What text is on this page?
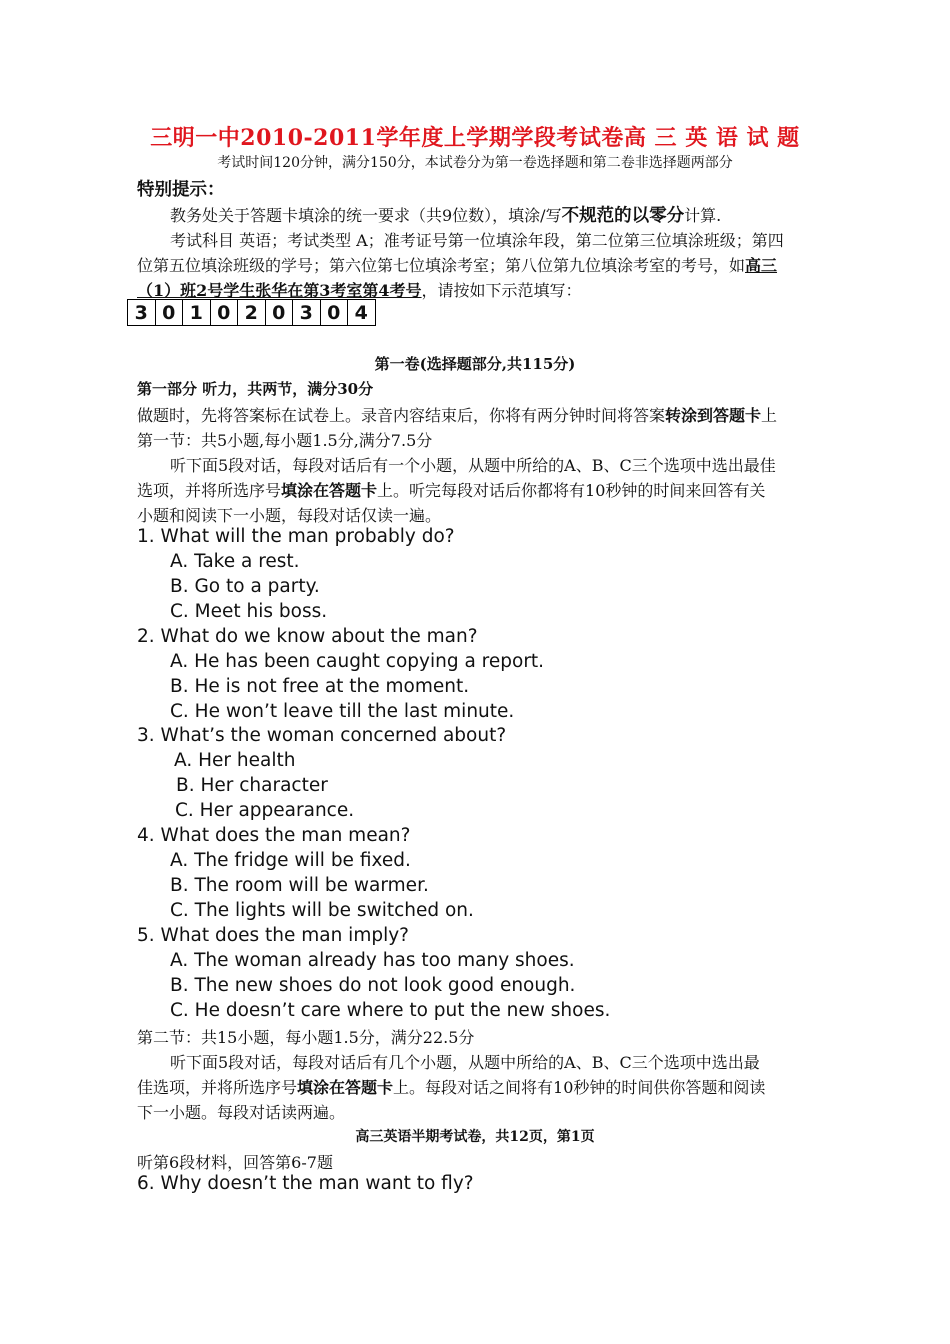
三明一中2010-2011学年度上学期学段考试卷高 三 英 语 试 题
考试时间120分钟，满分150分，本试卷分为第一卷选择题和第二卷非选择题两部分
特别提示：
教务处关于答题卡填涂的统一要求（共9位数），填涂/写不规范的以零分计算.
考试科目 英语；考试类型 A；准考证号第一位填涂年段，第二位第三位填涂班级；第四
位第五位填涂班级的学号；第六位第七位填涂考室；第八位第九位填涂考室的考号，如高三
（1）班2号学生张华在第3考室第4考号，请按如下示范填写：
3 0 1 0 2 0 3 0 4
第一卷(选择题部分,共115分)
第一部分 听力，共两节，满分30分
做题时，先将答案标在试卷上。录音内容结束后，你将有两分钟时间将答案转涂到答题卡上
第一节：共5小题,每小题1.5分,满分7.5分
听下面5段对话，每段对话后有一个小题，从题中所给的A、B、C三个选项中选出最佳
选项，并将所选序号填涂在答题卡上。听完每段对话后你都将有10秒钟的时间来回答有关
小题和阅读下一小题，每段对话仅读一遍。
1. What will the man probably do?
A. Take a rest.
B. Go to a party.
C. Meet his boss.
2. What do we know about the man?
A. He has been caught copying a report.
B. He is not free at the moment.
C. He won’t leave till the last minute.
3. What’s the woman concerned about?
A. Her health
B. Her character
C. Her appearance.
4. What does the man mean?
A. The fridge will be fixed.
B. The room will be warmer.
C. The lights will be switched on.
5. What does the man imply?
A. The woman already has too many shoes.
B. The new shoes do not look good enough.
C. He doesn’t care where to put the new shoes.
第二节：共15小题，每小题1.5分，满分22.5分
听下面5段对话，每段对话后有几个小题，从题中所给的A、B、C三个选项中选出最
佳选项，并将所选序号填涂在答题卡上。每段对话之间将有10秒钟的时间供你答题和阅读
下一小题。每段对话读两遍。
高三英语半期考试卷，共12页，第1页
听第6段材料，回答第6-7题
6. Why doesn’t the man want to fly?
